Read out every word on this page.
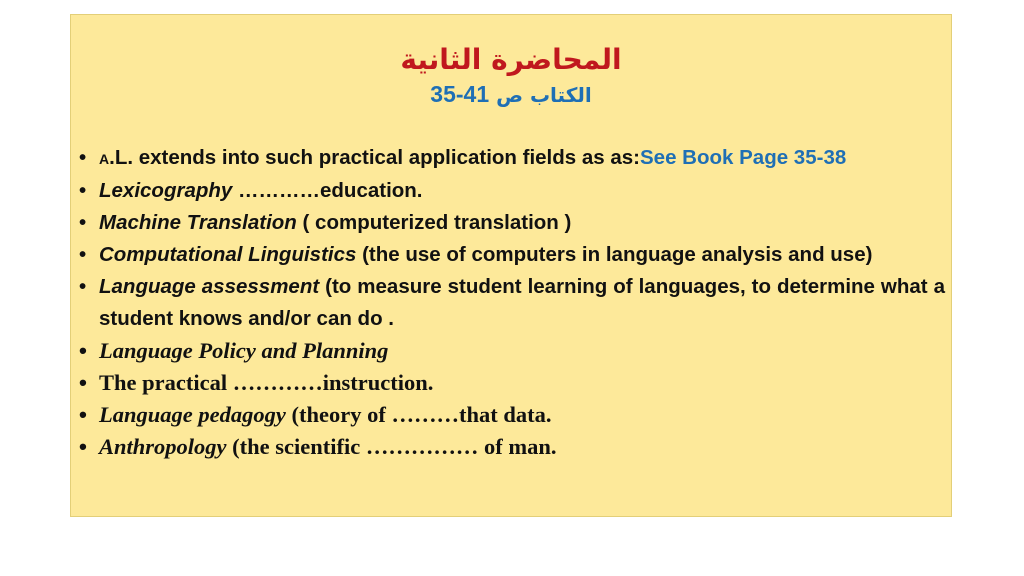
المحاضرة الثانية
الكتاب ص 35-41
• A.L. extends into such practical application fields as as:See Book Page 35-38
• Lexicography …………education.
• Machine Translation ( computerized translation )
• Computational Linguistics (the use of computers in language analysis and use)
• Language assessment (to measure student learning of languages, to determine what a student knows and/or can do .
• Language Policy and Planning
• The practical …………instruction.
• Language pedagogy (theory of ………that data.
• Anthropology (the scientific …………… of man.
